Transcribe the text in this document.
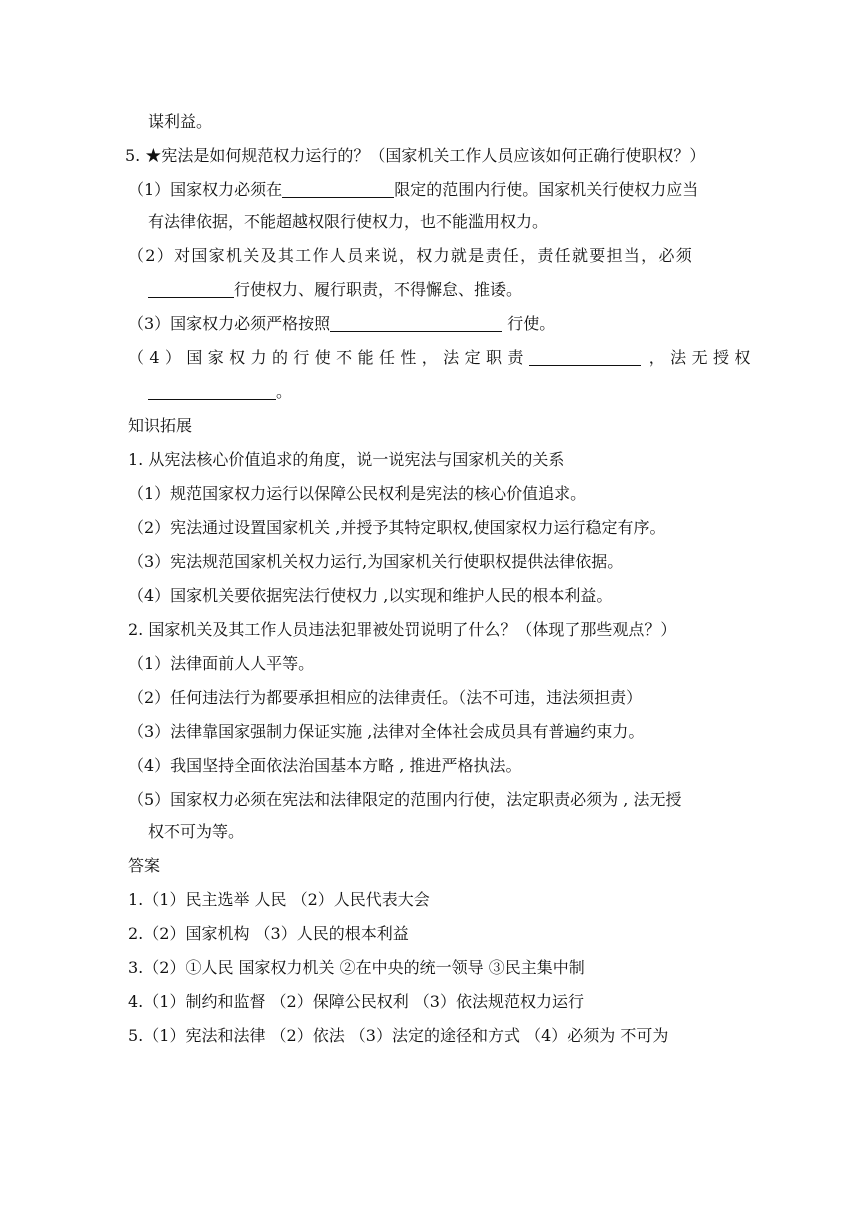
谋利益。
5. ★宪法是如何规范权力运行的？（国家机关工作人员应该如何正确行使职权？）
（1）国家权力必须在	限定的范围内行使。国家机关行使权力应当
有法律依据，不能超越权限行使权力，也不能滥用权力。
（2）对国家机关及其工作人员来说，权力就是责任，责任就要担当，必须
行使权力、履行职责，不得懈怠、推诿。
（3）国家权力必须严格按照	行使。
（4）国家权力的行使不能任性，法定职责	，法无授权
。
知识拓展
1. 从宪法核心价值追求的角度，说一说宪法与国家机关的关系
（1）规范国家权力运行以保障公民权利是宪法的核心价值追求。
（2）宪法通过设置国家机关 ,并授予其特定职权,使国家权力运行稳定有序。
（3）宪法规范国家机关权力运行,为国家机关行使职权提供法律依据。
（4）国家机关要依据宪法行使权力 ,以实现和维护人民的根本利益。
2. 国家机关及其工作人员违法犯罪被处罚说明了什么？（体现了那些观点？）
（1）法律面前人人平等。
（2）任何违法行为都要承担相应的法律责任。（法不可违，违法须担责）
（3）法律靠国家强制力保证实施 ,法律对全体社会成员具有普遍约束力。
（4）我国坚持全面依法治国基本方略 , 推进严格执法。
（5）国家权力必须在宪法和法律限定的范围内行使，法定职责必须为 , 法无授
权不可为等。
答案
1.（1）民主选举 人民 （2）人民代表大会
2.（2）国家机构 （3）人民的根本利益
3.（2）①人民 国家权力机关 ②在中央的统一领导 ③民主集中制
4.（1）制约和监督 （2）保障公民权利 （3）依法规范权力运行
5.（1）宪法和法律 （2）依法 （3）法定的途径和方式 （4）必须为 不可为
